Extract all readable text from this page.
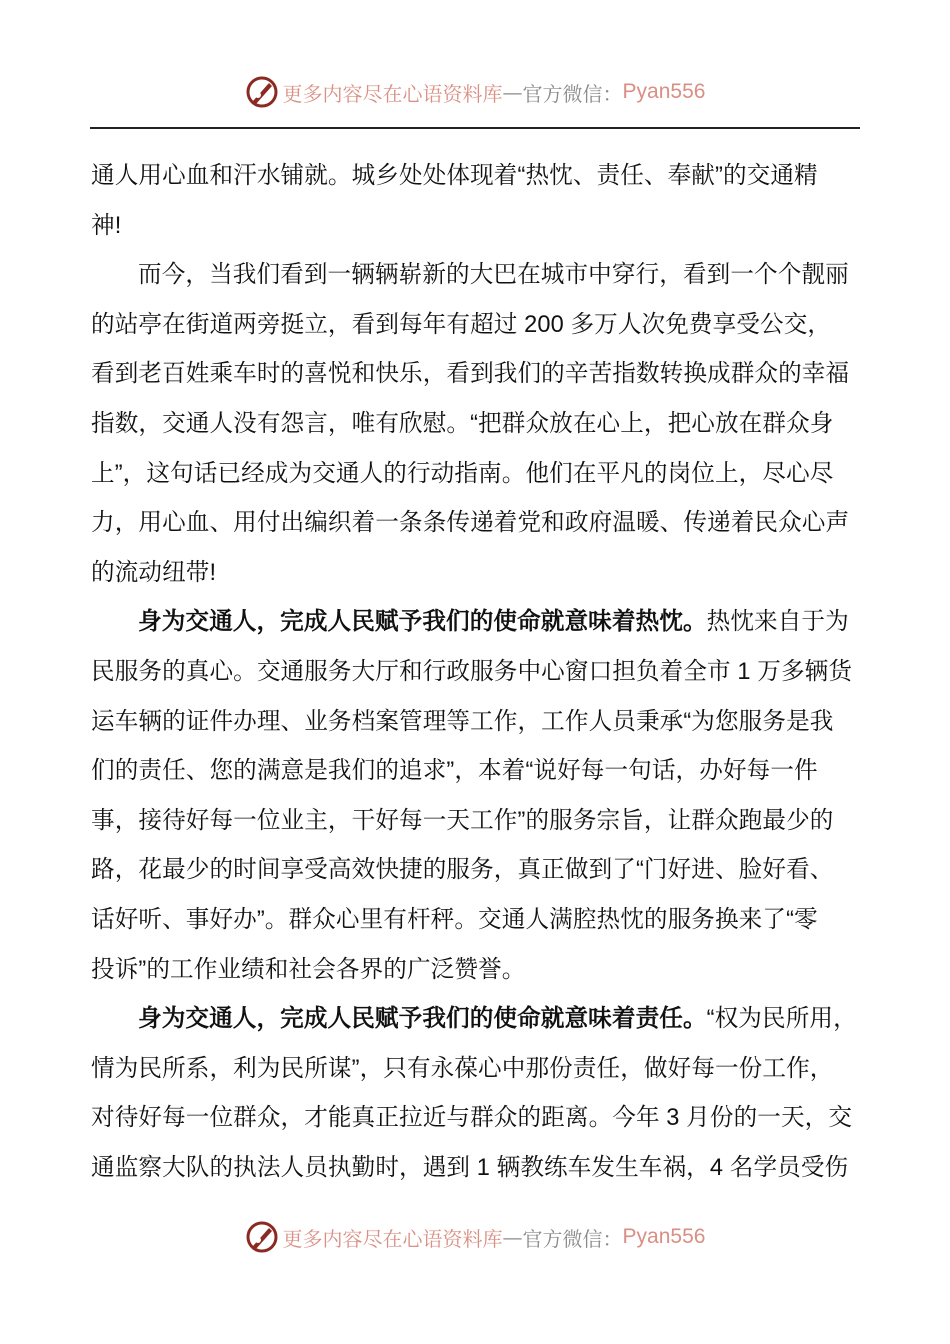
更多内容尽在心语资料库 — 官方微信： Pyan556
通人用心血和汗水铺就。城乡处处体现着“热忱、责任、奉献”的交通精
神!
而今，当我们看到一辆辆崭新的大巴在城市中穿行，看到一个个靓丽
的站亭在街道两旁挺立，看到每年有超过 200 多万人次免费享受公交，
看到老百姓乘车时的喜悦和快乐，看到我们的辛苦指数转换成群众的幸福
指数，交通人没有怨言，唯有欣慰。“把群众放在心上，把心放在群众身
上”，这句话已经成为交通人的行动指南。他们在平凡的岗位上，尽心尽
力，用心血、用付出编织着一条条传递着党和政府温暖、传递着民众心声
的流动纽带!
身为交通人，完成人民赋予我们的使命就意味着热忱。热忱来自于为
民服务的真心。交通服务大厅和行政服务中心窗口担负着全市 1 万多辆货
运车辆的证件办理、业务档案管理等工作，工作人员秉承“为您服务是我
们的责任、您的满意是我们的追求”，本着“说好每一句话，办好每一件
事，接待好每一位业主，干好每一天工作”的服务宗旨，让群众跑最少的
路，花最少的时间享受高效快捷的服务，真正做到了“门好进、脸好看、
话好听、事好办”。群众心里有杆秤。交通人满腔热忱的服务换来了“零
投诉”的工作业绩和社会各界的广泛赞誉。
身为交通人，完成人民赋予我们的使命就意味着责任。“权为民所用，
情为民所系，利为民所谋”，只有永葆心中那份责任，做好每一份工作，
对待好每一位群众，才能真正拉近与群众的距离。今年 3 月份的一天，交
通监察大队的执法人员执勤时，遇到 1 辆教练车发生车祸，4 名学员受伤
更多内容尽在心语资料库 — 官方微信： Pyan556
